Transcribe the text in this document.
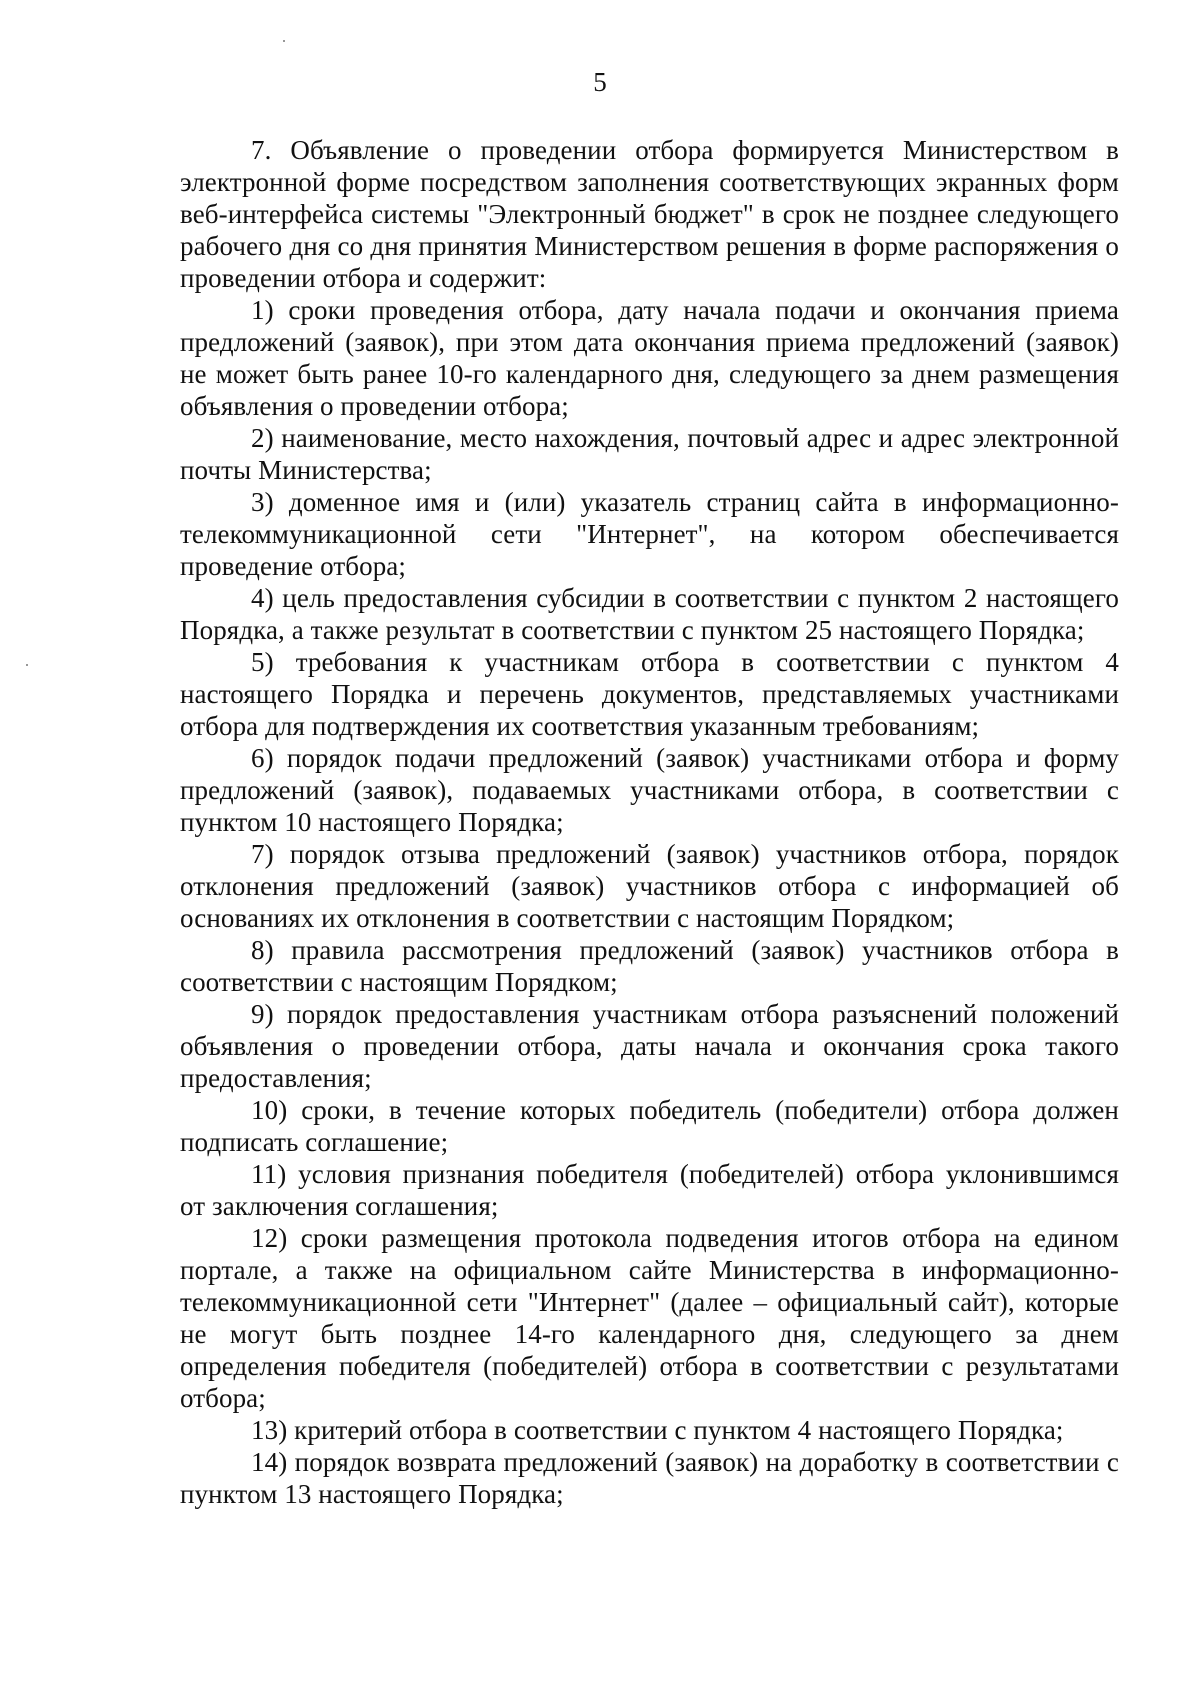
5

7. Объявление о проведении отбора формируется Министерством в электронной форме посредством заполнения соответствующих экранных форм веб-интерфейса системы "Электронный бюджет" в срок не позднее следующего рабочего дня со дня принятия Министерством решения в форме распоряжения о проведении отбора и содержит:

1) сроки проведения отбора, дату начала подачи и окончания приема предложений (заявок), при этом дата окончания приема предложений (заявок) не может быть ранее 10-го календарного дня, следующего за днем размещения объявления о проведении отбора;

2) наименование, место нахождения, почтовый адрес и адрес электронной почты Министерства;

3) доменное имя и (или) указатель страниц сайта в информационно-телекоммуникационной сети "Интернет", на котором обеспечивается проведение отбора;

4) цель предоставления субсидии в соответствии с пунктом 2 настоящего Порядка, а также результат в соответствии с пунктом 25 настоящего Порядка;

5) требования к участникам отбора в соответствии с пунктом 4 настоящего Порядка и перечень документов, представляемых участниками отбора для подтверждения их соответствия указанным требованиям;

6) порядок подачи предложений (заявок) участниками отбора и форму предложений (заявок), подаваемых участниками отбора, в соответствии с пунктом 10 настоящего Порядка;

7) порядок отзыва предложений (заявок) участников отбора, порядок отклонения предложений (заявок) участников отбора с информацией об основаниях их отклонения в соответствии с настоящим Порядком;

8) правила рассмотрения предложений (заявок) участников отбора в соответствии с настоящим Порядком;

9) порядок предоставления участникам отбора разъяснений положений объявления о проведении отбора, даты начала и окончания срока такого предоставления;

10) сроки, в течение которых победитель (победители) отбора должен подписать соглашение;

11) условия признания победителя (победителей) отбора уклонившимся от заключения соглашения;

12) сроки размещения протокола подведения итогов отбора на едином портале, а также на официальном сайте Министерства в информационно-телекоммуникационной сети "Интернет" (далее – официальный сайт), которые не могут быть позднее 14-го календарного дня, следующего за днем определения победителя (победителей) отбора в соответствии с результатами отбора;

13) критерий отбора в соответствии с пунктом 4 настоящего Порядка;

14) порядок возврата предложений (заявок) на доработку в соответствии с пунктом 13 настоящего Порядка;
